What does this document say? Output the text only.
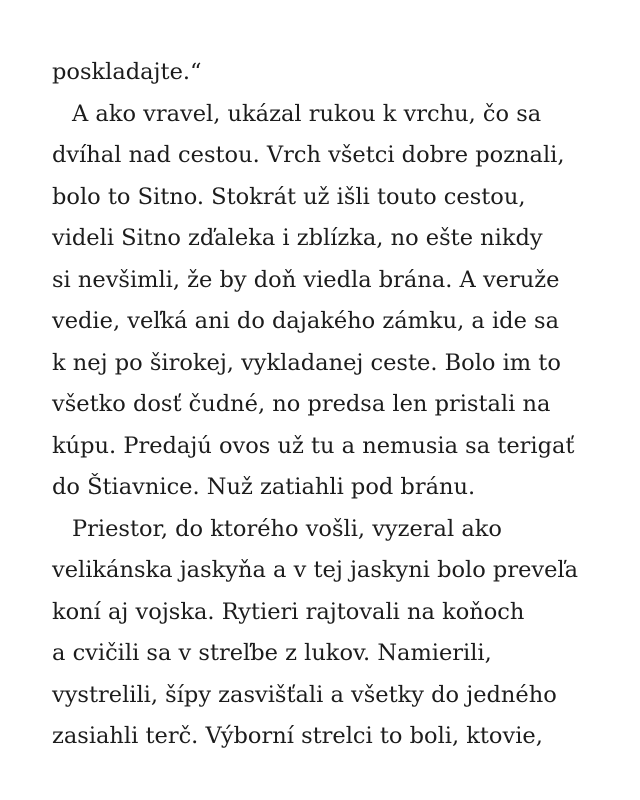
poskladajte.“
A ako vravel, ukázal rukou k vrchu, čo sa
dvíhal nad cestou. Vrch všetci dobre poznali,
bolo to Sitno. Stokrát už išli touto cestou,
videli Sitno zďaleka i zblízka, no ešte nikdy
si nevšimli, že by doň viedla brána. A veruže
vedie, veľká ani do dajakého zámku, a ide sa
k nej po širokej, vykladanej ceste. Bolo im to
všetko dosť čudné, no predsa len pristali na
kúpu. Predajú ovos už tu a nemusia sa terigať
do Štiavnice. Nuž zatiahli pod bránu.
Priestor, do ktorého vošli, vyzeral ako
velikánska jaskyňa a v tej jaskyni bolo preveľa
koní aj vojska. Rytieri rajtovali na koňoch
a cvičili sa v streľbe z lukov. Namierili,
vystrelili, šípy zasvišťali a všetky do jedného
zasiahli terč. Výborní strelci to boli, ktovie,
